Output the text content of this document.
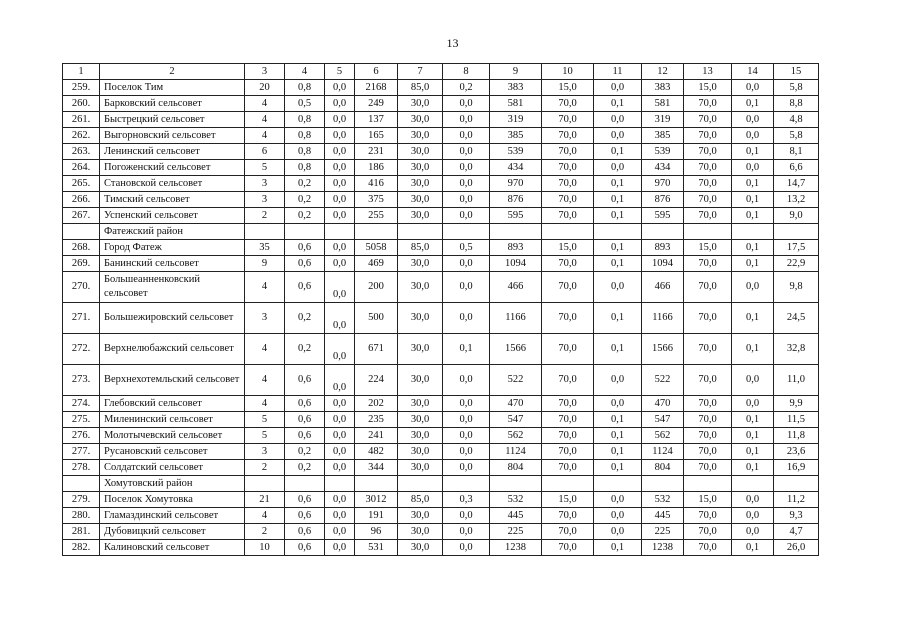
13
1	2	3	4	5	6	7	8	9	10	11	12	13	14	15
259.	Поселок Тим	20	0,8	0,0	2168	85,0	0,2	383	15,0	0,0	383	15,0	0,0	5,8
260.	Барковский сельсовет	4	0,5	0,0	249	30,0	0,0	581	70,0	0,1	581	70,0	0,1	8,8
261.	Быстрецкий сельсовет	4	0,8	0,0	137	30,0	0,0	319	70,0	0,0	319	70,0	0,0	4,8
262.	Выгорновский сельсовет	4	0,8	0,0	165	30,0	0,0	385	70,0	0,0	385	70,0	0,0	5,8
263.	Ленинский сельсовет	6	0,8	0,0	231	30,0	0,0	539	70,0	0,1	539	70,0	0,1	8,1
264.	Погоженский сельсовет	5	0,8	0,0	186	30,0	0,0	434	70,0	0,0	434	70,0	0,0	6,6
265.	Становской сельсовет	3	0,2	0,0	416	30,0	0,0	970	70,0	0,1	970	70,0	0,1	14,7
266.	Тимский сельсовет	3	0,2	0,0	375	30,0	0,0	876	70,0	0,1	876	70,0	0,1	13,2
267.	Успенский сельсовет	2	0,2	0,0	255	30,0	0,0	595	70,0	0,1	595	70,0	0,1	9,0
	Фатежский район													
268.	Город Фатеж	35	0,6	0,0	5058	85,0	0,5	893	15,0	0,1	893	15,0	0,1	17,5
269.	Банинский сельсовет	9	0,6	0,0	469	30,0	0,0	1094	70,0	0,1	1094	70,0	0,1	22,9
270.	Большеанненковский сельсовет	4	0,6	0,0	200	30,0	0,0	466	70,0	0,0	466	70,0	0,0	9,8
271.	Большежировский сельсовет	3	0,2	0,0	500	30,0	0,0	1166	70,0	0,1	1166	70,0	0,1	24,5
272.	Верхнелюбажский сельсовет	4	0,2	0,0	671	30,0	0,1	1566	70,0	0,1	1566	70,0	0,1	32,8
273.	Верхнехотемльский сельсовет	4	0,6	0,0	224	30,0	0,0	522	70,0	0,0	522	70,0	0,0	11,0
274.	Глебовский сельсовет	4	0,6	0,0	202	30,0	0,0	470	70,0	0,0	470	70,0	0,0	9,9
275.	Миленинский сельсовет	5	0,6	0,0	235	30,0	0,0	547	70,0	0,1	547	70,0	0,1	11,5
276.	Молотычевский сельсовет	5	0,6	0,0	241	30,0	0,0	562	70,0	0,1	562	70,0	0,1	11,8
277.	Русановский сельсовет	3	0,2	0,0	482	30,0	0,0	1124	70,0	0,1	1124	70,0	0,1	23,6
278.	Солдатский сельсовет	2	0,2	0,0	344	30,0	0,0	804	70,0	0,1	804	70,0	0,1	16,9
	Хомутовский район													
279.	Поселок Хомутовка	21	0,6	0,0	3012	85,0	0,3	532	15,0	0,0	532	15,0	0,0	11,2
280.	Гламаздинский сельсовет	4	0,6	0,0	191	30,0	0,0	445	70,0	0,0	445	70,0	0,0	9,3
281.	Дубовицкий сельсовет	2	0,6	0,0	96	30,0	0,0	225	70,0	0,0	225	70,0	0,0	4,7
282.	Калиновский сельсовет	10	0,6	0,0	531	30,0	0,0	1238	70,0	0,1	1238	70,0	0,1	26,0
